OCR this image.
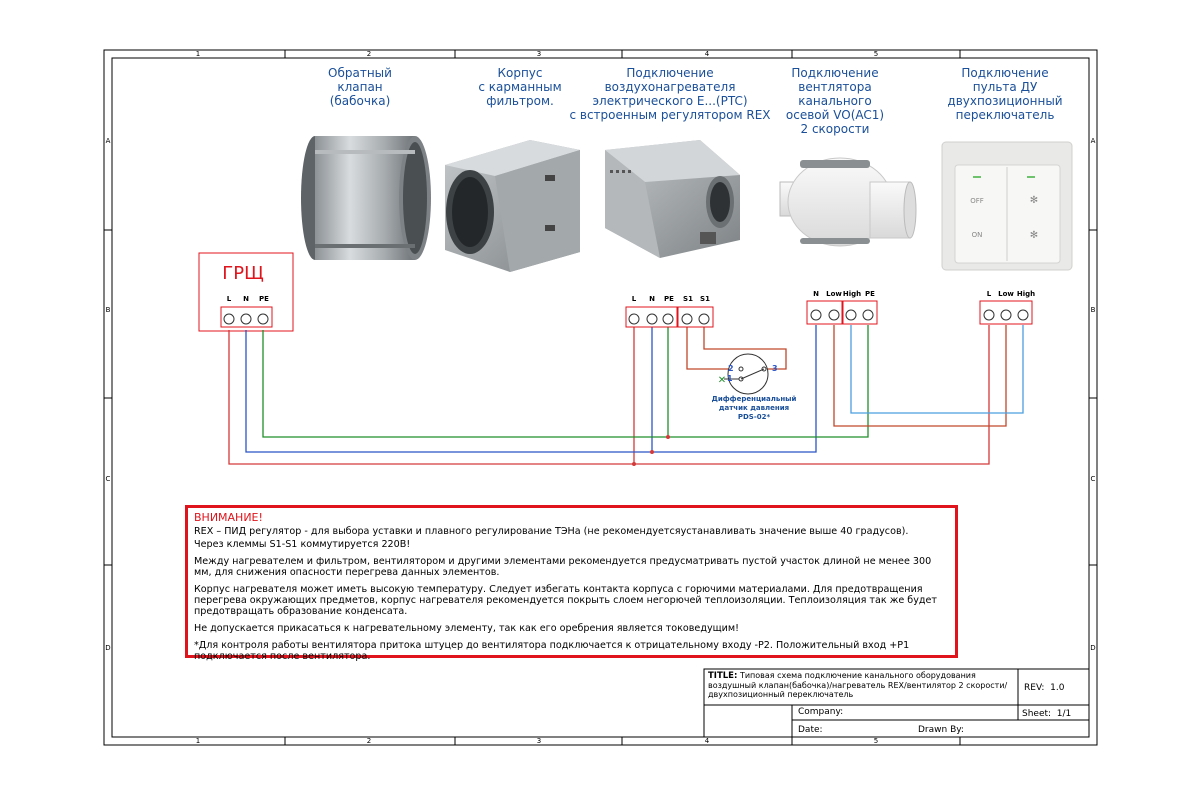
1	2	3	4	5
1	2	3	4	5
A
B
C
D
A
B
C
D
OFF
ON
✻
✻
ГРЩ
L N PE	L N PE S1 S1
N Low High PE	L Low High
✕
2
1
3
Дифференциальный
датчик давления
PDS-02*
Обратный
клапан
(бабочка)
Корпус
с карманным
фильтром.
Подключение
воздухонагревателя
электрического Е...(PTC)
с встроенным регулятором REX
Подключение
вентлятора канального
осевой VO(AC1)
2 скорости
Подключение
пульта ДУ
двухпозиционный
переключатель
ВНИМАНИЕ!

REX – ПИД регулятор - для выбора уставки и плавного регулирование ТЭНа (не рекомендуетсяустанавливать значение выше 40 градусов).

Через клеммы S1-S1 коммутируется 220В!

Между нагревателем и фильтром, вентилятором и другими элементами рекомендуется предусматривать пустой участок длиной не менее 300 мм, для снижения опасности перегрева данных элементов.

Корпус нагревателя может иметь высокую температуру. Следует избегать контакта корпуса с горючими материалами. Для предотвращения перегрева окружающих предметов, корпус нагревателя рекомендуется покрыть слоем негорючей теплоизоляции. Теплоизоляция так же будет предотвращать образование конденсата.

Не допускается прикасаться к нагревательному элементу, так как его оребрения является токоведущим!

*Для контроля работы вентилятора притока штуцер до вентилятора подключается к отрицательному входу -P2. Положительный вход +P1 подключается после вентилятора.

TITLE: Типовая схема подключение канального оборудования
воздушный клапан(бабочка)/нагреватель REX/вентилятор 2 скорости/
двухпозиционный переключатель
REV: 1.0
Company:	Sheet: 1/1
Date:	Drawn By:
